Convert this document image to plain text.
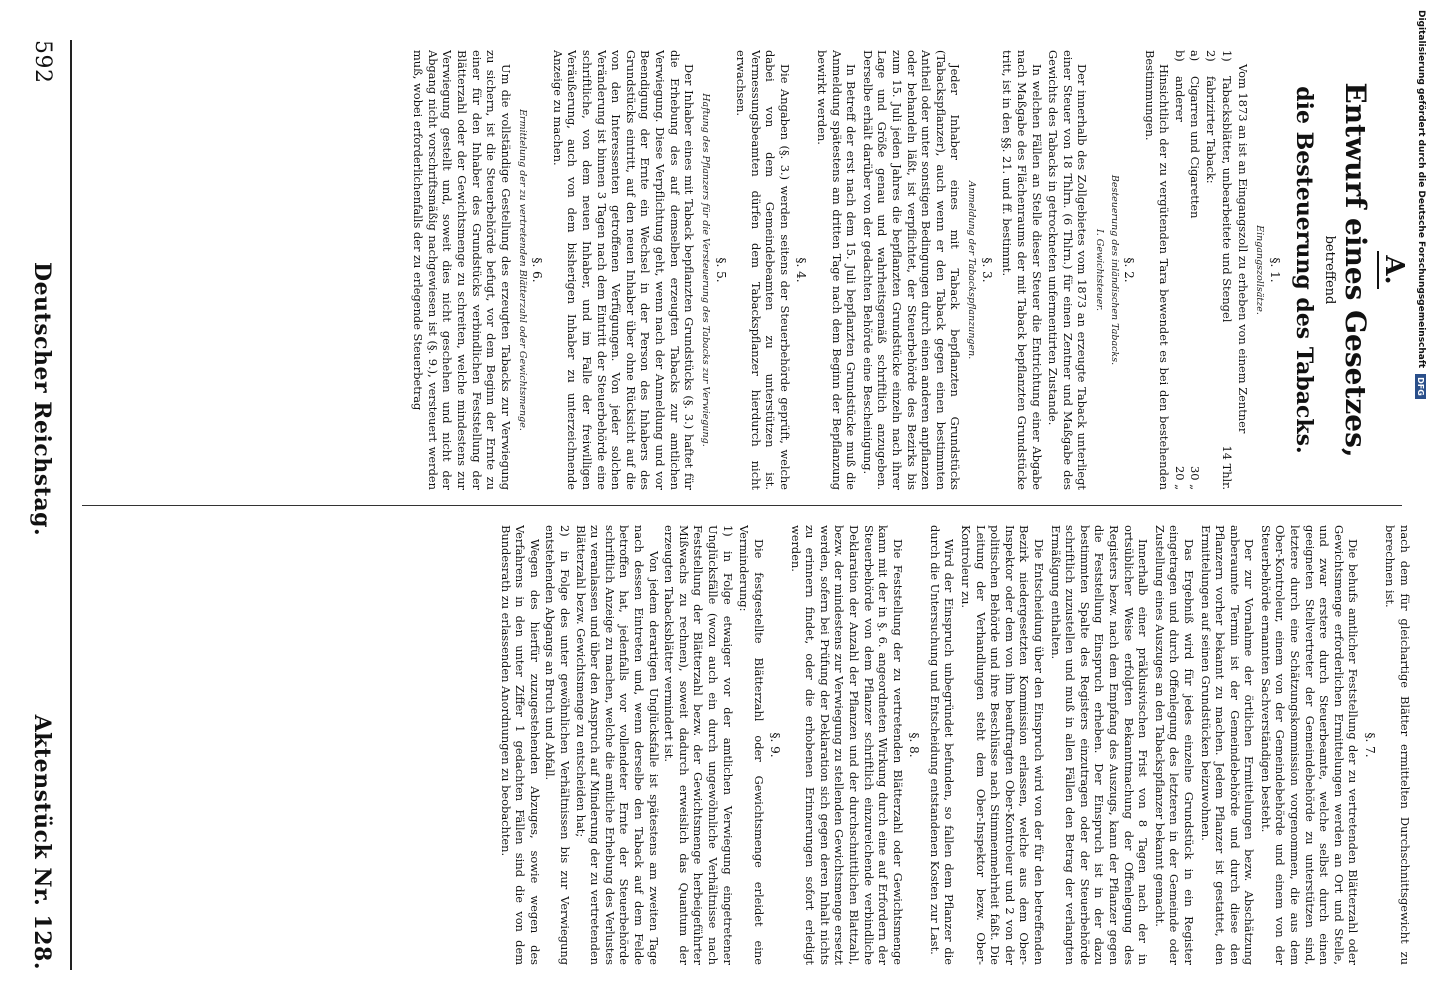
A.
Entwurf eines Gesetzes,
betreffend
die Besteuerung des Tabacks.
§. 1.
Eingangszollsätze.

Vom 1873 an ist an Eingangszoll zu erheben von einem Zentner

1)Tabacksblätter, unbearbeitete und Stengel
14 Thlr.
2)fabrizirter Taback:
a)Cigarren und Cigaretten
30 „
b)anderer
20 „

Hinsichtlich der zu vergütenden Tara bewendet es bei den bestehenden Bestimmungen.

§. 2.
Besteuerung des inländischen Tabacks.
I. Gewichtsteuer.

Der innerhalb des Zollgebietes vom 1873 an erzeugte Taback unterliegt einer Steuer von 18 Thlrn. (6 Thlrn.) für einen Zentner und Maßgabe des Gewichts des Tabacks in getrockneten unfermentirten Zustande.

In welchen Fällen an Stelle dieser Steuer die Entrichtung einer Abgabe nach Maßgabe des Flächenraums der mit Taback bepflanzten Grundstücke tritt, ist in den §§. 21. und ff. bestimmt.

§. 3.
Anmeldung der Tabackspflanzungen.

Jeder Inhaber eines mit Taback bepflanzten Grundstücks (Tabackspflanzer), auch wenn er den Taback gegen einen bestimmten Antheil oder unter sonstigen Bedingungen durch einen anderen anpflanzen oder behandeln läßt, ist verpflichtet, der Steuerbehörde des Bezirks bis zum 15. Juli jeden Jahres die bepflanzten Grundstücke einzeln nach ihrer Lage und Größe genau und wahrheitsgemäß schriftlich anzugeben. Derselbe erhält darüber von der gedachten Behörde eine Bescheinigung.

In Betreff der erst nach dem 15. Juli bepflanzten Grundstücke muß die Anmeldung spätestens am dritten Tage nach dem Beginn der Bepflanzung bewirkt werden.

§. 4.

Die Angaben (§. 3.) werden seitens der Steuerbehörde geprüft, welche dabei von dem Gemeindebeamten zu unterstützen ist. Vermessungsbeamten dürfen dem Tabackspflanzer hierdurch nicht erwachsen.

§. 5.
Haftung des Pflanzers für die Versteuerung des Tabacks zur Verwiegung.

Der Inhaber eines mit Taback bepflanzten Grundstücks (§. 3.) haftet für die Erhebung des auf demselben erzeugten Tabacks zur amtlichen Verwiegung. Diese Verpflichtung geht, wenn nach der Anmeldung und vor Beendigung der Ernte ein Wechsel in der Person des Inhabers des Grundstücks eintritt, auf den neuen Inhaber über ohne Rücksicht auf die von den Interessenten getroffenen Verfügungen. Von jeder solchen Veränderung ist binnen 3 Tagen nach dem Eintritt der Steuerbehörde eine schriftliche, von dem neuen Inhaber, und im Falle der freiwilligen Veräußerung, auch von dem bisherigen Inhaber zu unterzeichnende Anzeige zu machen.

§. 6.
Ermittelung der zu vertretenden Blätterzahl oder Gewichtsmenge.

Um die vollständige Gestellung des erzeugten Tabacks zur Verwiegung zu sichern, ist die Steuerbehörde befugt, vor dem Beginn der Ernte zu einer für den Inhaber des Grundstücks verbindlichen Feststellung der Blätterzahl oder der Gewichtsmenge zu schreiten, welche mindestens zur Verwiegung gestellt und, soweit dies nicht geschehen und nicht der Abgang nicht vorschriftsmäßig nachgewiesen ist (§. 9.), versteuert werden muß, wobei erforderlichenfalls der zu erlegende Steuerbetrag

nach dem für gleichartige Blätter ermittelten Durchschnittsgewicht zu berechnen ist.

§. 7.

Die behufs amtlicher Feststellung der zu vertretenden Blätterzahl oder Gewichtsmenge erforderlichen Ermittelungen werden an Ort und Stelle, und zwar erstere durch Steuerbeamte, welche selbst durch einen geeigneten Stellvertreter der Gemeindebehörde zu unterstützen sind, letztere durch eine Schätzungskommission vorgenommen, die aus dem Ober-Kontroleur, einem von der Gemeindebehörde und einem von der Steuerbehörde ernannten Sachverständigen besteht.

Der zur Vornahme der örtlichen Ermittelungen bezw. Abschätzung anberaumte Termin ist der Gemeindebehörde und durch diese den Pflanzern vorher bekannt zu machen. Jedem Pflanzer ist gestattet, den Ermittelungen auf seinen Grundstücken beizuwohnen.

Das Ergebniß wird für jedes einzelne Grundstück in ein Register eingetragen und durch Offenlegung des letzteren in der Gemeinde oder Zustellung eines Auszuges an den Tabackspflanzer bekannt gemacht.

Innerhalb einer präklusivischen Frist von 8 Tagen nach der in ortsüblicher Weise erfolgten Bekanntmachung der Offenlegung des Registers bezw. nach dem Empfang des Auszugs, kann der Pflanzer gegen die Feststellung Einspruch erheben. Der Einspruch ist in der dazu bestimmten Spalte des Registers einzutragen oder der Steuerbehörde schriftlich zuzustellen und muß in allen Fällen den Betrag der verlangten Ermäßigung enthalten.

Die Entscheidung über den Einspruch wird von der für den betreffenden Bezirk niedergesetzten Kommission erlassen, welche aus dem Ober-Inspektor oder dem von ihm beauftragten Ober-Kontroleur und 2 von der politischen Behörde und ihre Beschlüsse nach Stimmenmehrheit faßt. Die Leitung der Verhandlungen steht dem Ober-Inspektor bezw. Ober-Kontroleur zu.

Wird der Einspruch unbegründet befunden, so fallen dem Pflanzer die durch die Untersuchung und Entscheidung entstandenen Kosten zur Last.

§. 8.

Die Feststellung der zu vertretenden Blätterzahl oder Gewichtsmenge kann mit der in §. 6. angeordneten Wirkung durch eine auf Erfordern der Steuerbehörde von dem Pflanzer schriftlich einzureichende verbindliche Deklaration der Anzahl der Pflanzen und der durchschnittlichen Blattzahl, bezw. der mindestens zur Verwiegung zu stellenden Gewichtsmenge ersetzt werden, sofern bei Prüfung der Deklaration sich gegen deren Inhalt nichts zu erinnern findet, oder die erhobenen Erinnerungen sofort erledigt werden.

§. 9.

Die festgestellte Blätterzahl oder Gewichtsmenge erleidet eine Verminderung:

1)in Folge etwaiger vor der amtlichen Verwiegung eingetretener Unglücksfälle (wozu auch ein durch ungewöhnliche Verhältnisse nach Feststellung der Blätterzahl bezw. der Gewichtsmenge herbeigeführter Mißwachs zu rechnen), soweit dadurch erweislich das Quantum der erzeugten Tabacksblätter vermindert ist.
Von jedem derartigen Unglücksfalle ist spätestens am zweiten Tage nach dessen Eintreten und, wenn derselbe den Taback auf dem Felde betroffen hat, jedenfalls vor vollendeter Ernte der Steuerbehörde schriftlich Anzeige zu machen, welche die amtliche Erhebung des Verlustes zu veranlassen und über den Anspruch auf Minderung der zu vertretenden Blätterzahl bezw. Gewichtsmenge zu entscheiden hat;
2)in Folge des unter gewöhnlichen Verhältnissen bis zur Verwiegung entstehenden Abgangs an Bruch und Abfall.

Wegen des hierfür zuzugestehenden Abzuges, sowie wegen des Verfahrens in den unter Ziffer 1 gedachten Fällen sind die von dem Bundesrath zu erlassenden Anordnungen zu beobachten.

592
Deutscher Reichstag.
Aktenstück Nr. 128.
Digitalisierung gefördert durch die Deutsche Forschungsgemeinschaft
DFG
